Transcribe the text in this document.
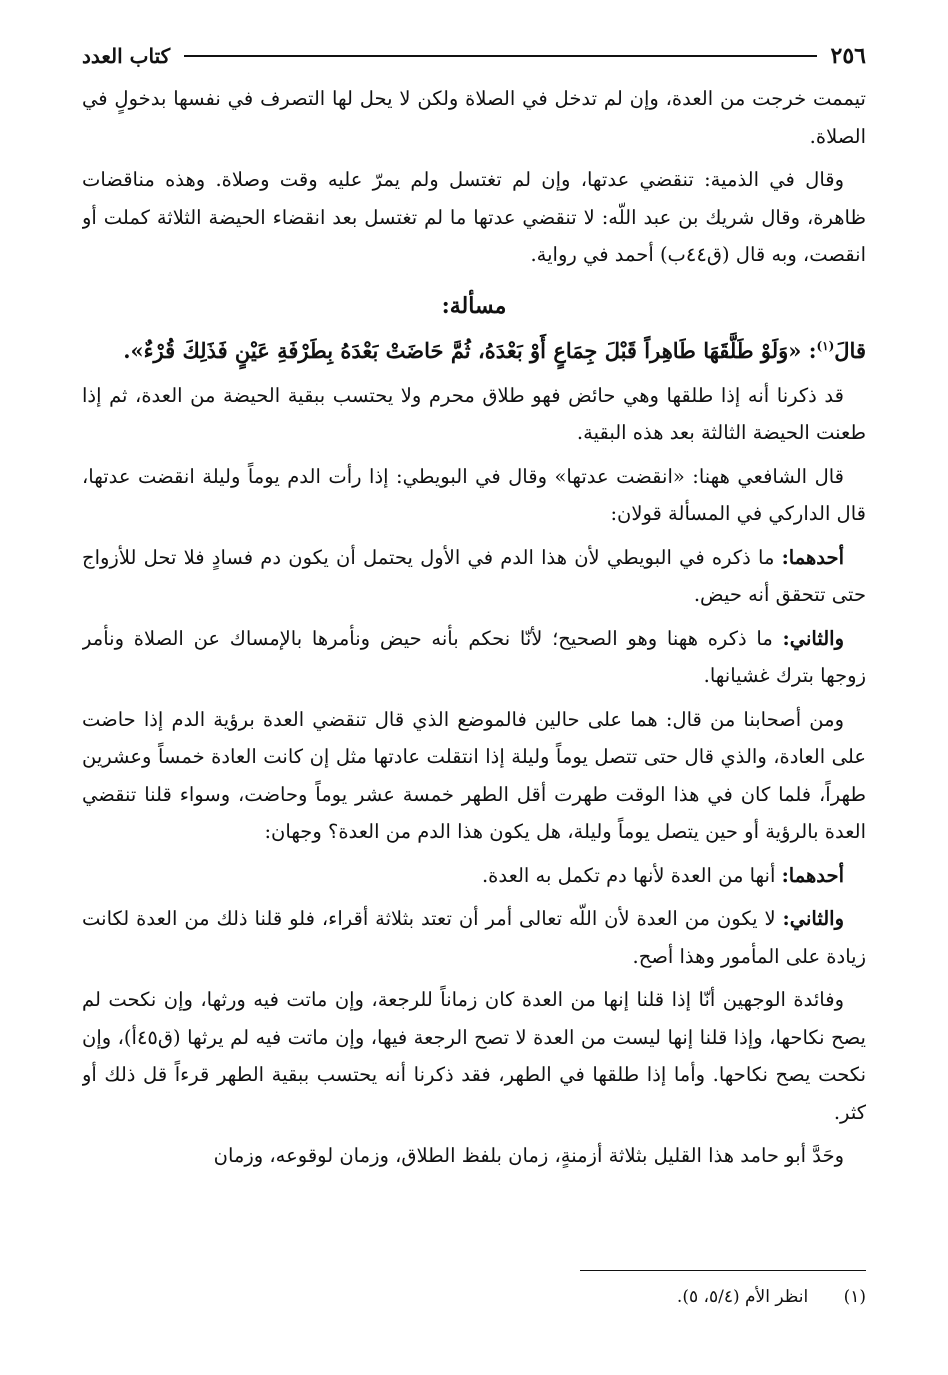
٢٥٦
كتاب العدد

تيممت خرجت من العدة، وإن لم تدخل في الصلاة ولكن لا يحل لها التصرف في نفسها بدخولٍ في الصلاة.

وقال في الذمية: تنقضي عدتها، وإن لم تغتسل ولم يمرّ عليه وقت وصلاة. وهذه مناقضات ظاهرة، وقال شريك بن عبد اللّه: لا تنقضي عدتها ما لم تغتسل بعد انقضاء الحيضة الثلاثة كملت أو انقصت، وبه قال (ق٤٤ب) أحمد في رواية.

مسألة:

قالَ$^{(١)}$: «وَلَوْ طَلَّقَهَا طَاهِراً قَبْلَ جِمَاعٍ أَوْ بَعْدَهُ، ثُمَّ حَاضَتْ بَعْدَهُ بِطَرْفَةِ عَيْنٍ فَذَلِكَ قُرْءٌ».

قد ذكرنا أنه إذا طلقها وهي حائض فهو طلاق محرم ولا يحتسب ببقية الحيضة من العدة، ثم إذا طعنت الحيضة الثالثة بعد هذه البقية.

قال الشافعي ههنا: «انقضت عدتها» وقال في البويطي: إذا رأت الدم يوماً وليلة انقضت عدتها، قال الداركي في المسألة قولان:

أحدهما: ما ذكره في البويطي لأن هذا الدم في الأول يحتمل أن يكون دم فسادٍ فلا تحل للأزواج حتى تتحقق أنه حيض.

والثاني: ما ذكره ههنا وهو الصحيح؛ لأنّا نحكم بأنه حيض ونأمرها بالإمساك عن الصلاة ونأمر زوجها بترك غشيانها.

ومن أصحابنا من قال: هما على حالين فالموضع الذي قال تنقضي العدة برؤية الدم إذا حاضت على العادة، والذي قال حتى تتصل يوماً وليلة إذا انتقلت عادتها مثل إن كانت العادة خمساً وعشرين طهراً، فلما كان في هذا الوقت طهرت أقل الطهر خمسة عشر يوماً وحاضت، وسواء قلنا تنقضي العدة بالرؤية أو حين يتصل يوماً وليلة، هل يكون هذا الدم من العدة؟ وجهان:

أحدهما: أنها من العدة لأنها دم تكمل به العدة.

والثاني: لا يكون من العدة لأن اللّه تعالى أمر أن تعتد بثلاثة أقراء، فلو قلنا ذلك من العدة لكانت زيادة على المأمور وهذا أصح.

وفائدة الوجهين أنّا إذا قلنا إنها من العدة كان زماناً للرجعة، وإن ماتت فيه ورثها، وإن نكحت لم يصح نكاحها، وإذا قلنا إنها ليست من العدة لا تصح الرجعة فيها، وإن ماتت فيه لم يرثها (ق٤٥أ)، وإن نكحت يصح نكاحها. وأما إذا طلقها في الطهر، فقد ذكرنا أنه يحتسب ببقية الطهر قرءاً قل ذلك أو كثر.

وحَدَّ أبو حامد هذا القليل بثلاثة أزمنةٍ، زمان بلفظ الطلاق، وزمان لوقوعه، وزمان

(١) انظر الأم (٥/٤، ٥).
